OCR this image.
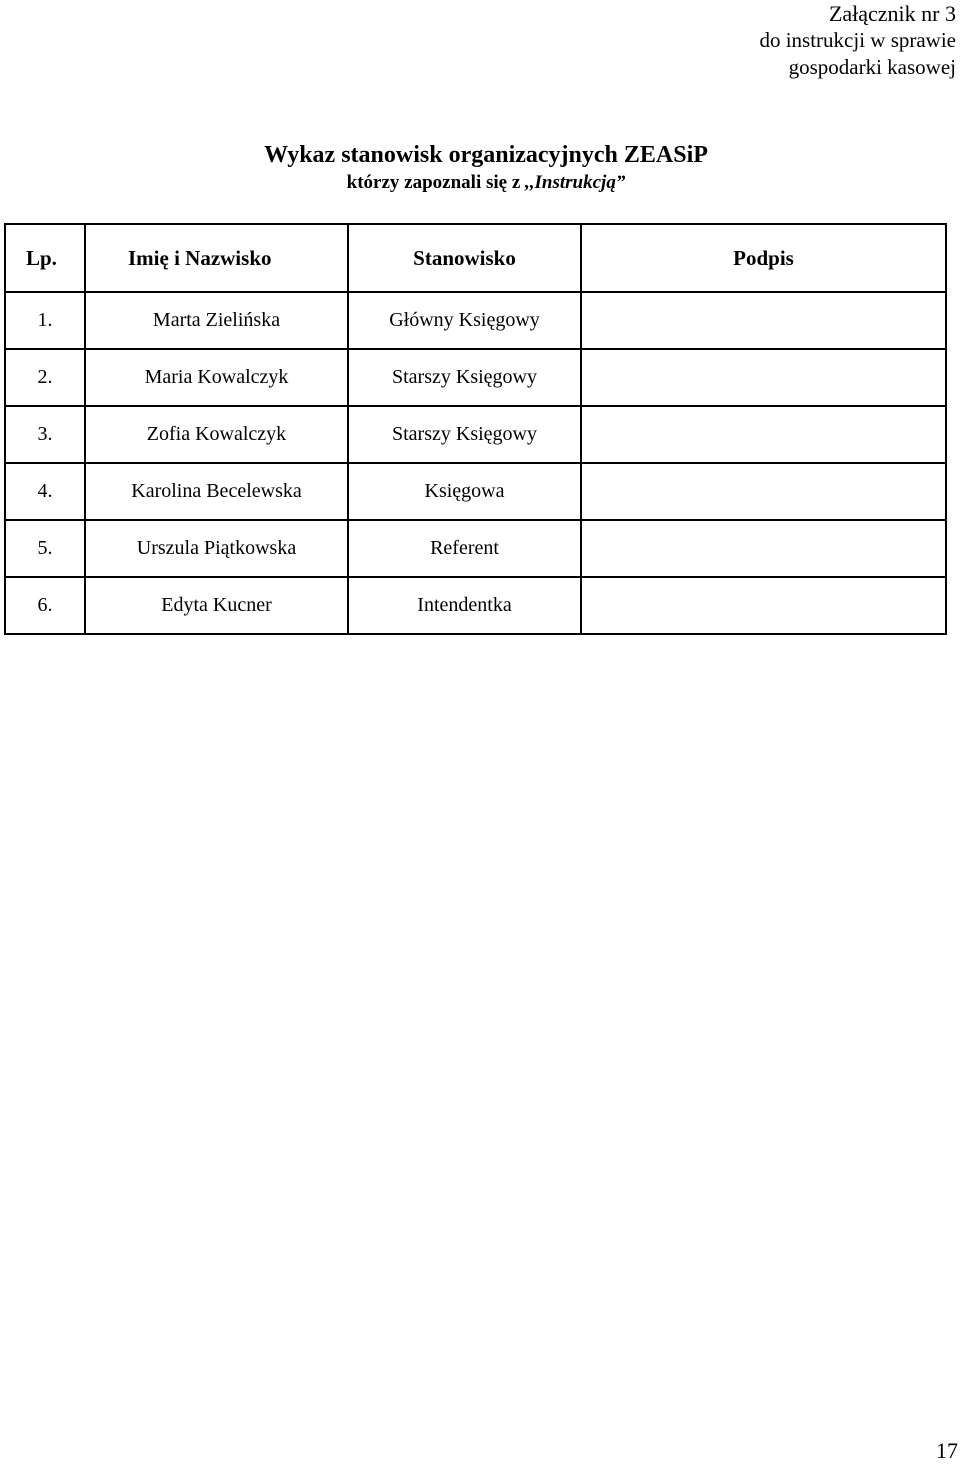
Załącznik nr 3
do instrukcji w sprawie
gospodarki kasowej
Wykaz stanowisk organizacyjnych ZEASiP
którzy zapoznali się z ,,Instrukcją”
Lp.	Imię i Nazwisko	Stanowisko	Podpis
1.	Marta Zielińska	Główny Księgowy	
2.	Maria Kowalczyk	Starszy Księgowy	
3.	Zofia Kowalczyk	Starszy Księgowy	
4.	Karolina Becelewska	Księgowa	
5.	Urszula Piątkowska	Referent	
6.	Edyta Kucner	Intendentka	
17
